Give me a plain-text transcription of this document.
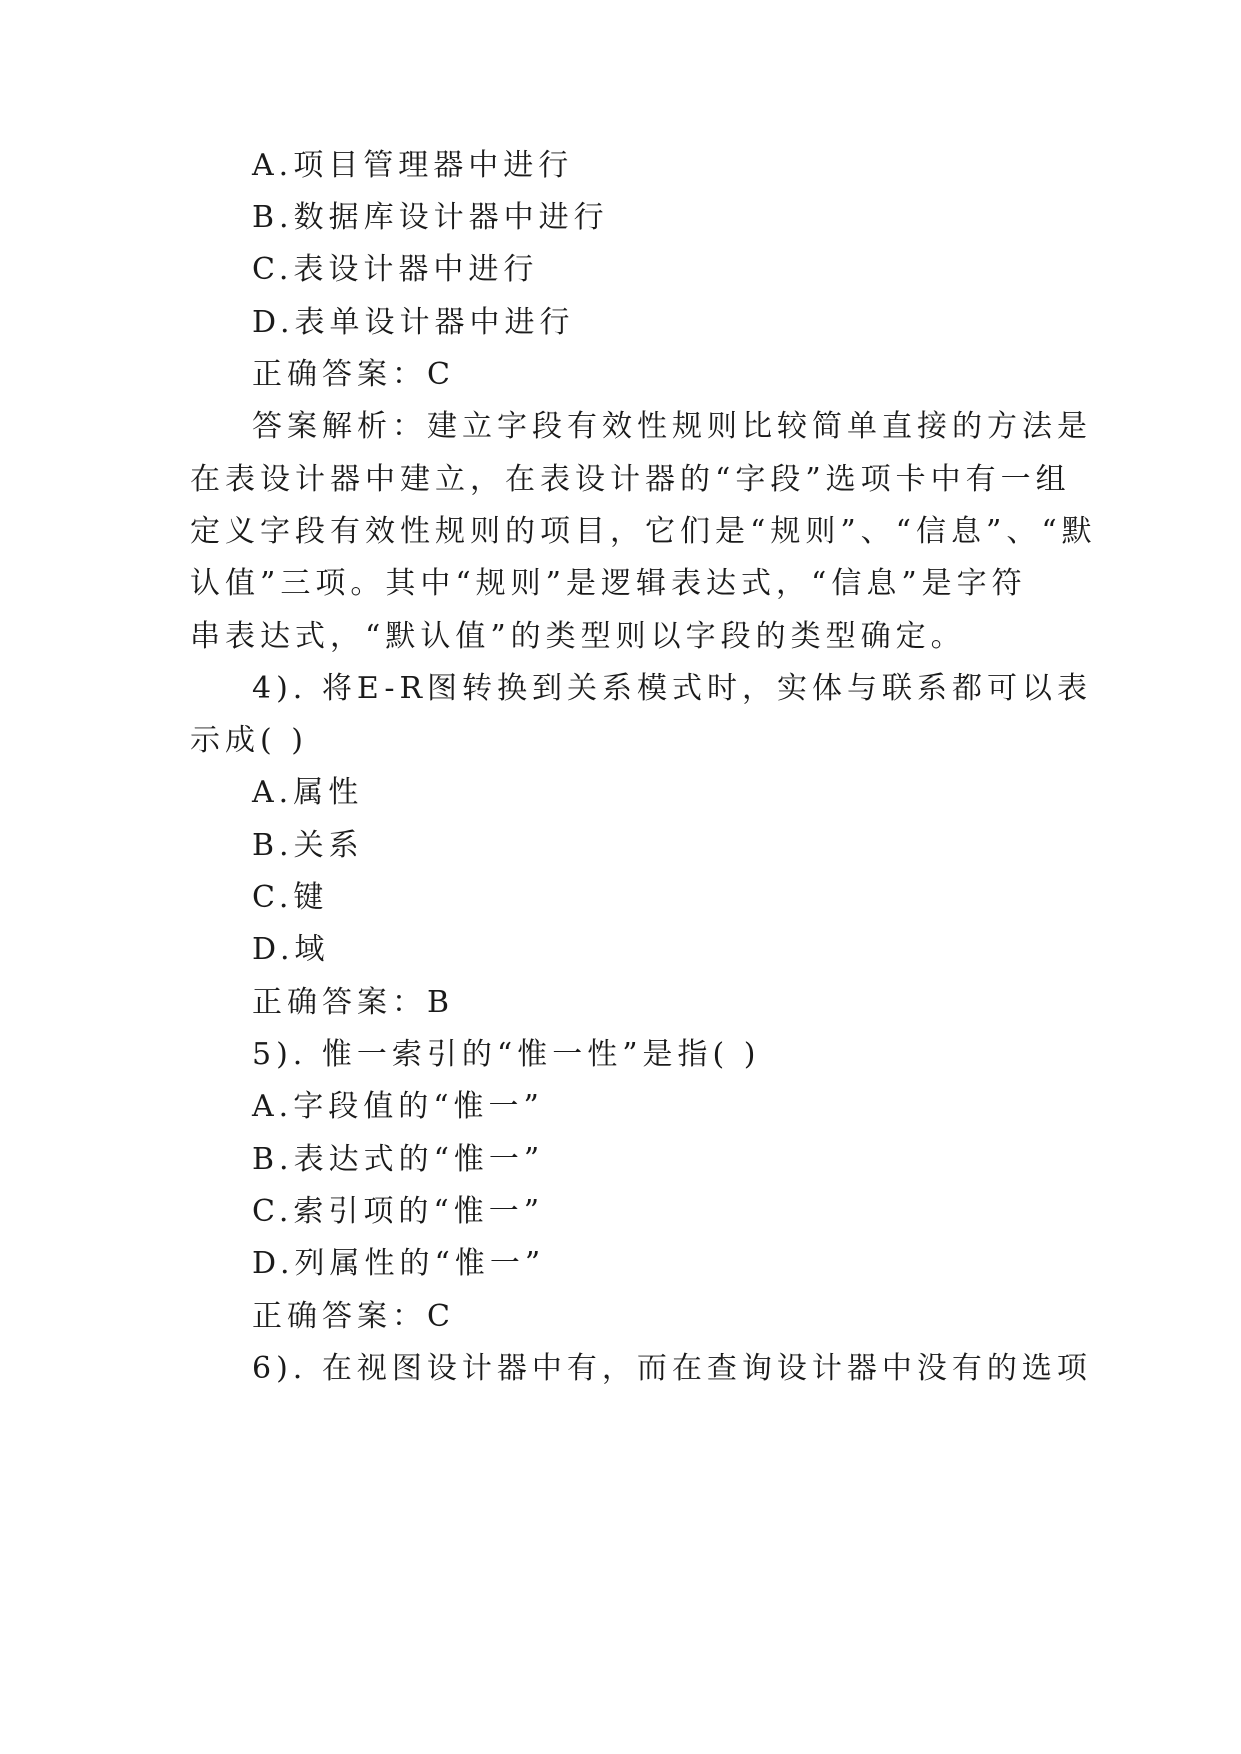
A.项目管理器中进行
B.数据库设计器中进行
C.表设计器中进行
D.表单设计器中进行
正确答案：C
答案解析：建立字段有效性规则比较简单直接的方法是
在表设计器中建立，在表设计器的“字段”选项卡中有一组
定义字段有效性规则的项目，它们是“规则”、“信息”、“默
认值”三项。其中“规则”是逻辑表达式，“信息”是字符
串表达式，“默认值”的类型则以字段的类型确定。
4). 将E-R图转换到关系模式时，实体与联系都可以表
示成( )
A.属性
B.关系
C.键
D.域
正确答案：B
5). 惟一索引的“惟一性”是指( )
A.字段值的“惟一”
B.表达式的“惟一”
C.索引项的“惟一”
D.列属性的“惟一”
正确答案：C
6). 在视图设计器中有，而在查询设计器中没有的选项
